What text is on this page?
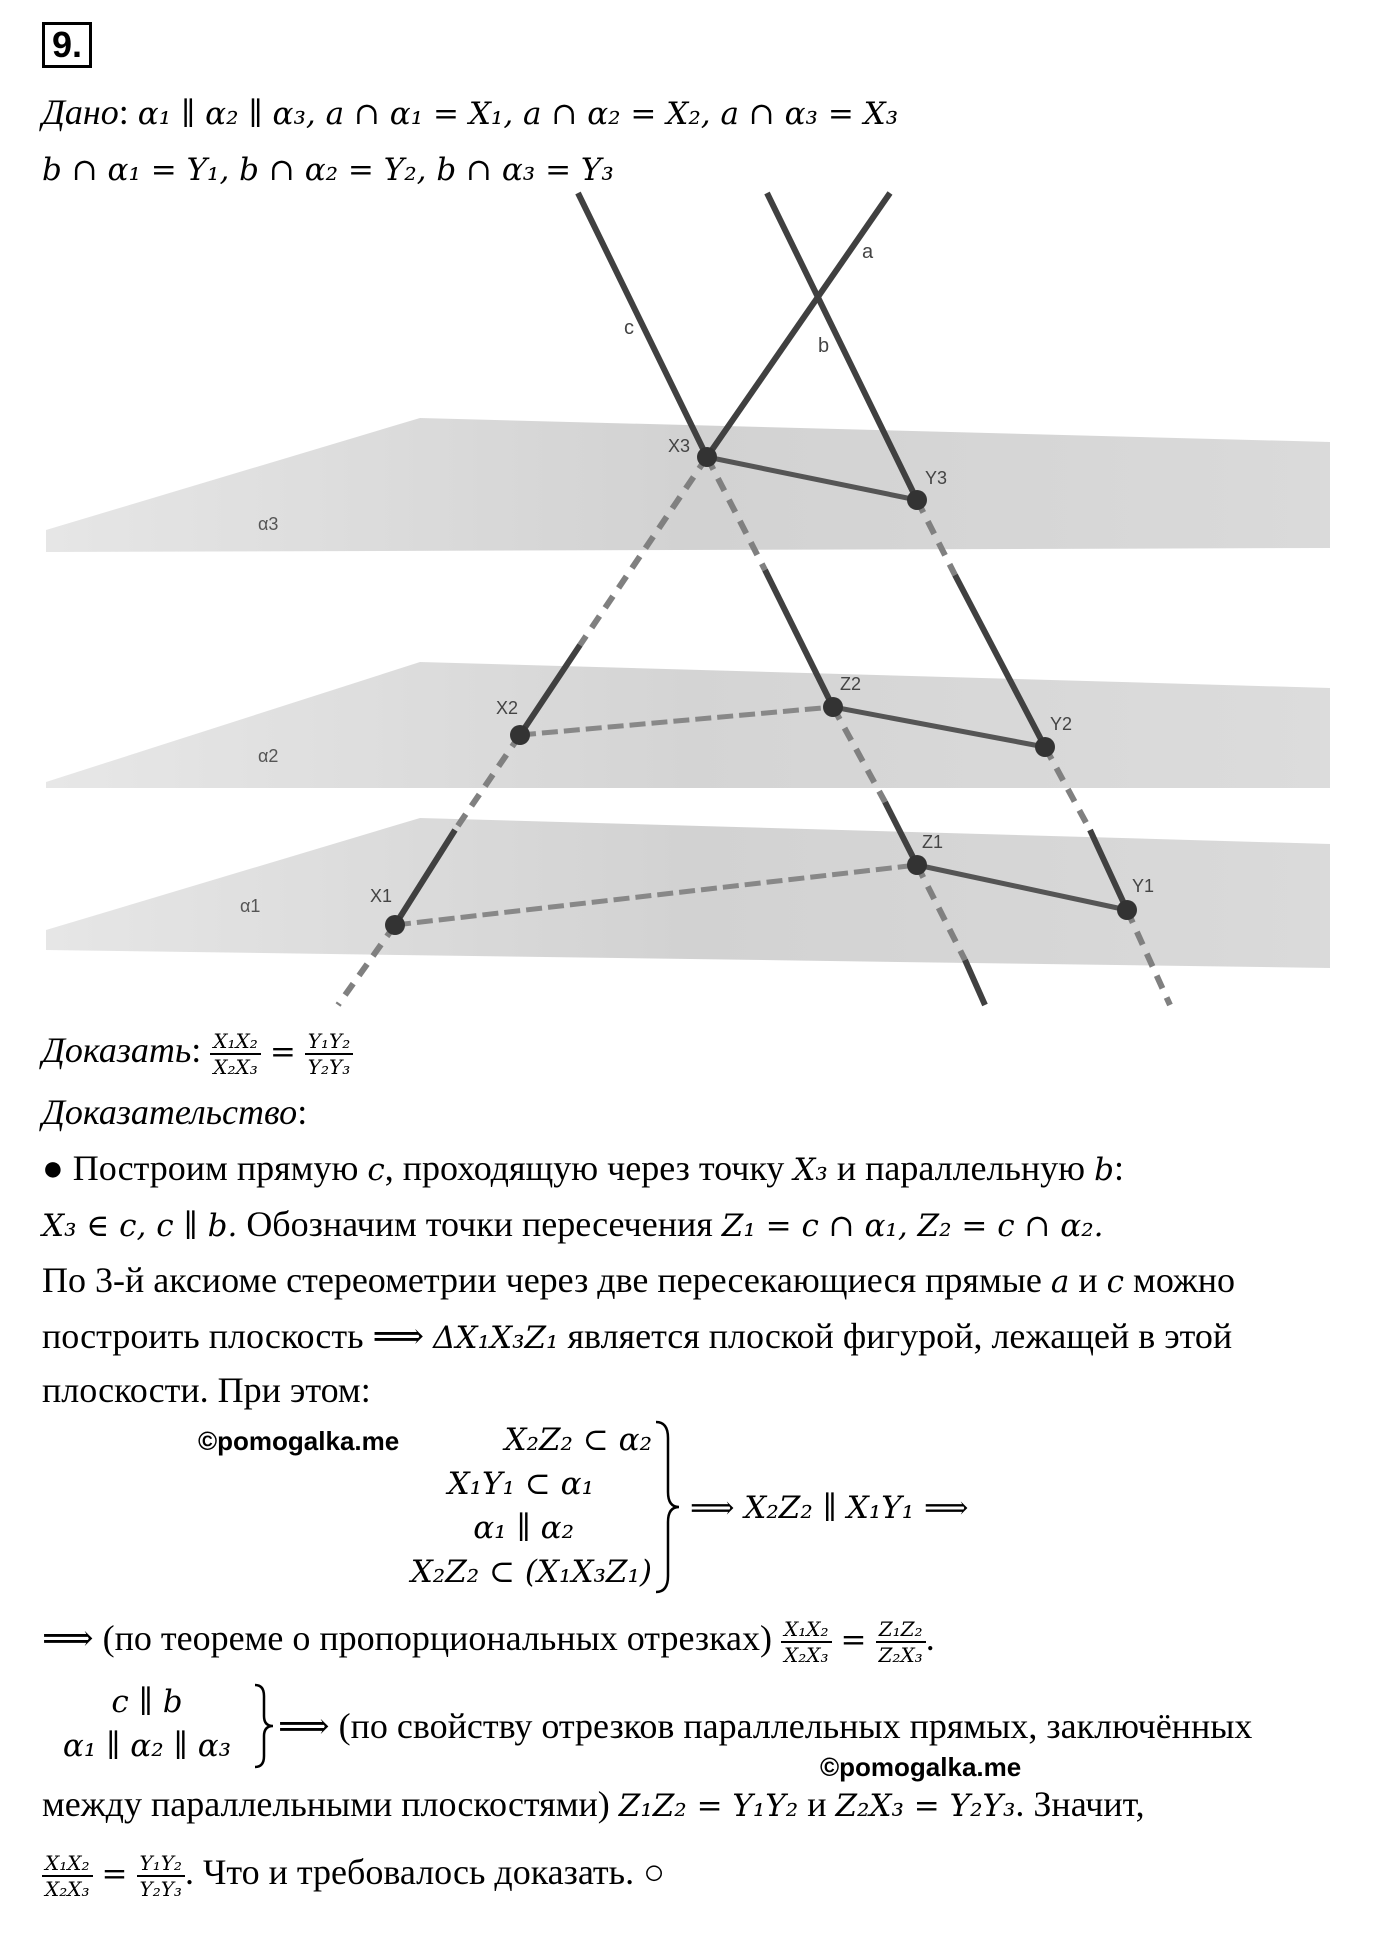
9.
Дано: α₁ ∥ α₂ ∥ α₃, a ∩ α₁ = X₁, a ∩ α₂ = X₂, a ∩ α₃ = X₃
b ∩ α₁ = Y₁, b ∩ α₂ = Y₂, b ∩ α₃ = Y₃
a
b
c
α3
α2
α1
X3
Y3
X2
Z2
Y2
X1
Z1
Y1
Доказать: $\frac{\text{X₁X₂}}{\text{X₂X₃}} = \frac{\text{Y₁Y₂}}{\text{Y₂Y₃}}$
Доказательство:
● Построим прямую c, проходящую через точку X₃ и параллельную b:
X₃ ∈ c, c ∥ b. Обозначим точки пересечения Z₁ = c ∩ α₁, Z₂ = c ∩ α₂.
По 3-й аксиоме стереометрии через две пересекающиеся прямые a и c можно
построить плоскость ⟹ ΔX₁X₃Z₁ является плоской фигурой, лежащей в этой
плоскости. При этом:
©pomogalka.me	X₂Z₂ ⊂ α₂
X₁Y₁ ⊂ α₁
α₁ ∥ α₂
X₂Z₂ ⊂ (X₁X₃Z₁)
⟹ X₂Z₂ ∥ X₁Y₁ ⟹
⟹ (по теореме о пропорциональных отрезках) $\frac{\text{X₁X₂}}{\text{X₂X₃}} = \frac{\text{Z₁Z₂}}{\text{Z₂X₃}}$ .
c ∥ b
α₁ ∥ α₂ ∥ α₃	⟹ (по свойству отрезков параллельных прямых, заключённых
©pomogalka.me
между параллельными плоскостями) Z₁Z₂ = Y₁Y₂ и Z₂X₃ = Y₂Y₃. Значит,
$\frac{\text{X₁X₂}}{\text{X₂X₃}} = \frac{\text{Y₁Y₂}}{\text{Y₂Y₃}}$ . Что и требовалось доказать. ○
